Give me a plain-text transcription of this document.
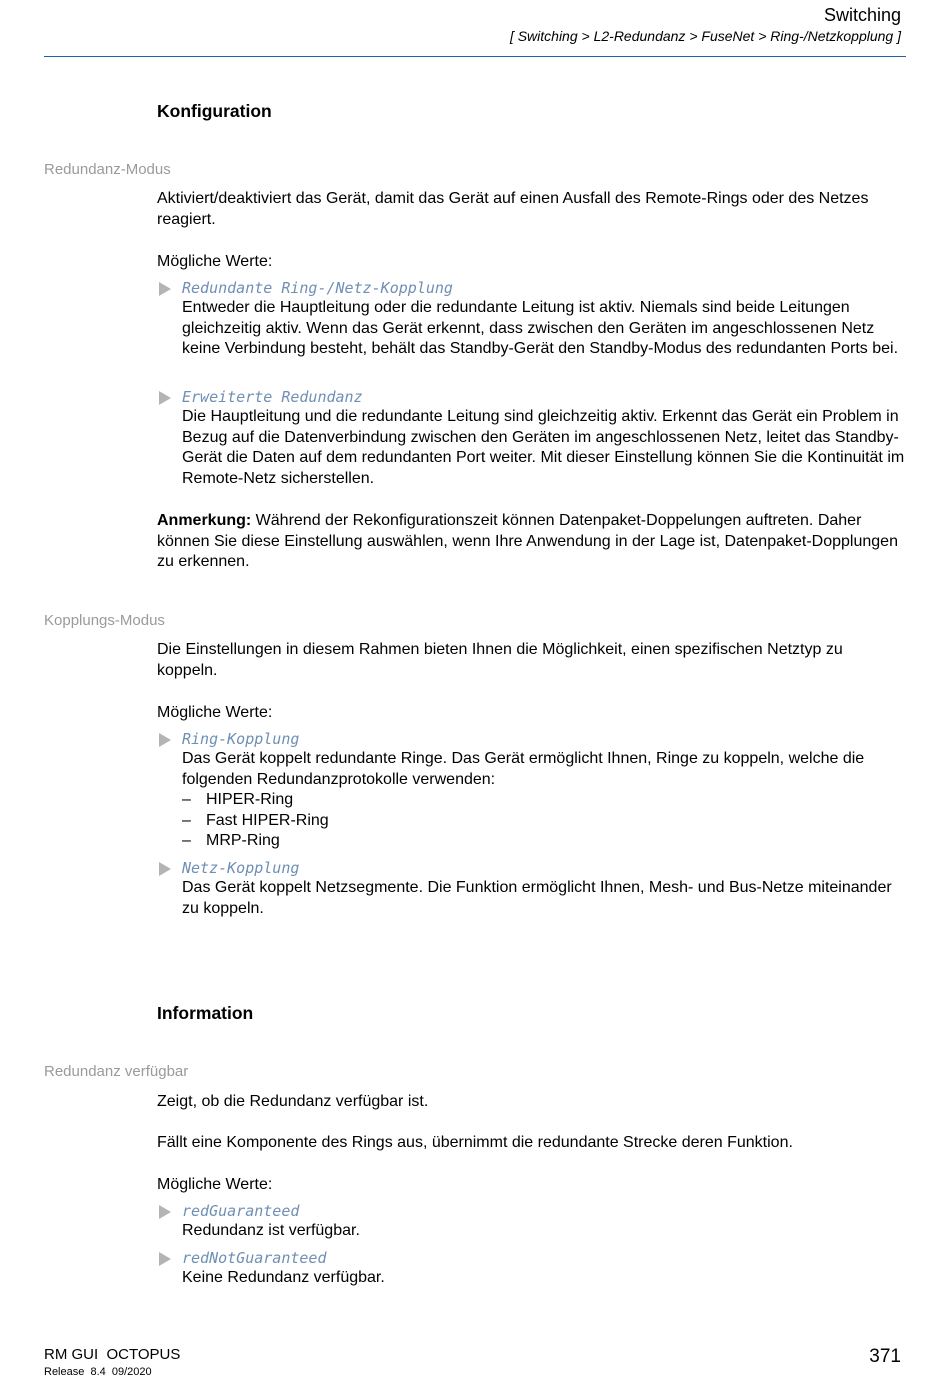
Switching
[ Switching > L2-Redundanz > FuseNet > Ring-/Netzkopplung ]
Konfiguration
Redundanz-Modus
Aktiviert/deaktiviert das Gerät, damit das Gerät auf einen Ausfall des Remote-Rings oder des Netzes reagiert.
Mögliche Werte:
Redundante Ring-/Netz-Kopplung
Entweder die Hauptleitung oder die redundante Leitung ist aktiv. Niemals sind beide Leitungen gleichzeitig aktiv. Wenn das Gerät erkennt, dass zwischen den Geräten im angeschlossenen Netz keine Verbindung besteht, behält das Standby-Gerät den Standby-Modus des redundanten Ports bei.
Erweiterte Redundanz
Die Hauptleitung und die redundante Leitung sind gleichzeitig aktiv. Erkennt das Gerät ein Problem in Bezug auf die Datenverbindung zwischen den Geräten im angeschlossenen Netz, leitet das Standby-Gerät die Daten auf dem redundanten Port weiter. Mit dieser Einstellung können Sie die Kontinuität im Remote-Netz sicherstellen.
Anmerkung: Während der Rekonfigurationszeit können Datenpaket-Doppelungen auftreten. Daher können Sie diese Einstellung auswählen, wenn Ihre Anwendung in der Lage ist, Datenpaket-Dopplungen zu erkennen.
Kopplungs-Modus
Die Einstellungen in diesem Rahmen bieten Ihnen die Möglichkeit, einen spezifischen Netztyp zu koppeln.
Mögliche Werte:
Ring-Kopplung
Das Gerät koppelt redundante Ringe. Das Gerät ermöglicht Ihnen, Ringe zu koppeln, welche die folgenden Redundanzprotokolle verwenden:
– HIPER-Ring
– Fast HIPER-Ring
– MRP-Ring
Netz-Kopplung
Das Gerät koppelt Netzsegmente. Die Funktion ermöglicht Ihnen, Mesh- und Bus-Netze miteinander zu koppeln.
Information
Redundanz verfügbar
Zeigt, ob die Redundanz verfügbar ist.
Fällt eine Komponente des Rings aus, übernimmt die redundante Strecke deren Funktion.
Mögliche Werte:
redGuaranteed
Redundanz ist verfügbar.
redNotGuaranteed
Keine Redundanz verfügbar.
RM GUI  OCTOPUS
Release  8.4  09/2020
371
